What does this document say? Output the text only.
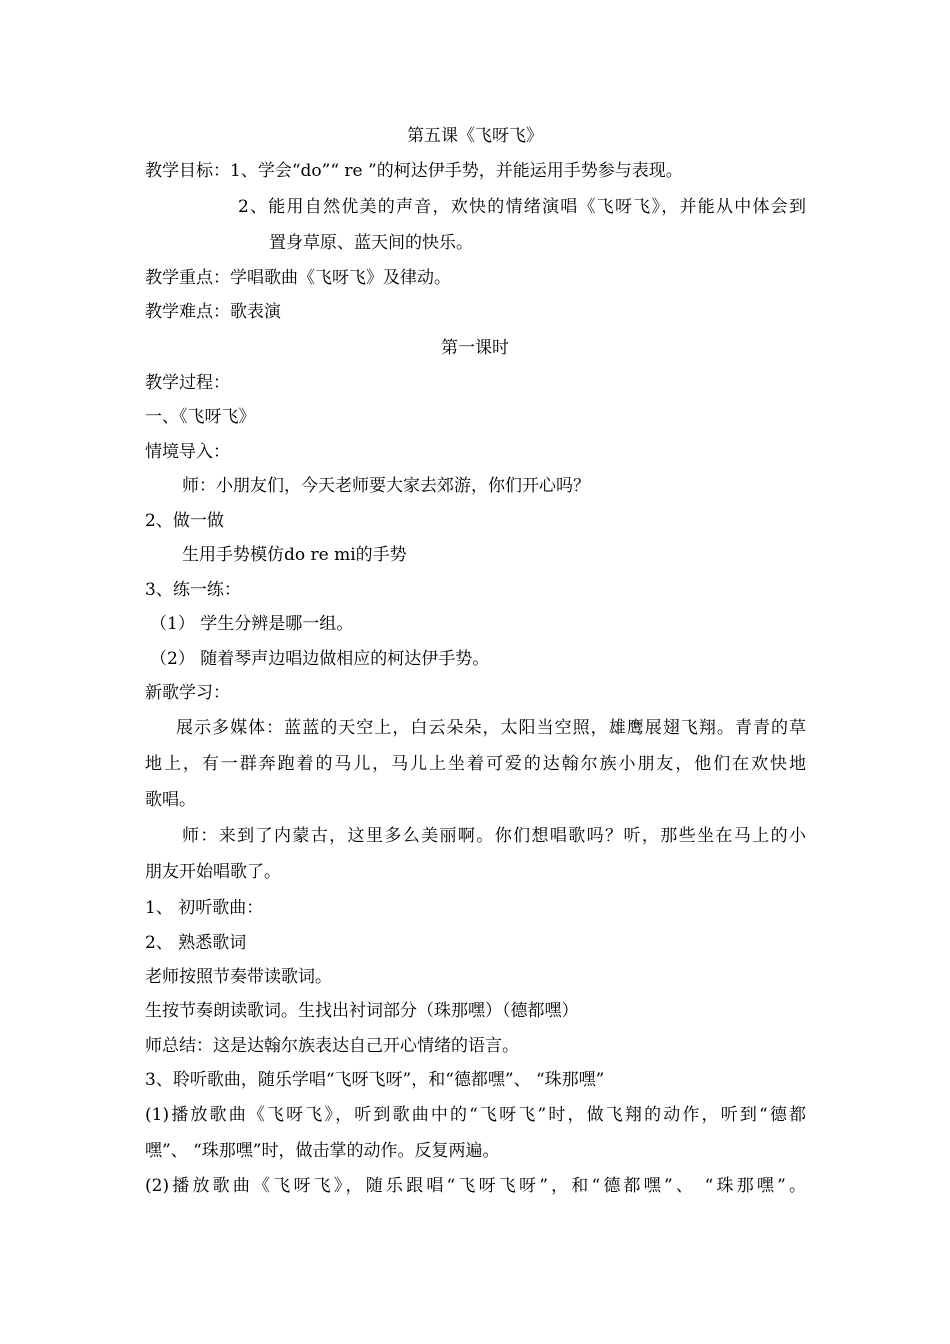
第五课《飞呀飞》

教学目标： 1、学会“do”“ re ”的柯达伊手势，并能运用手势参与表现。

2、能用自然优美的声音，欢快的情绪演唱《飞呀飞》，并能从中体会到

置身草原、蓝天间的快乐。

教学重点：学唱歌曲《飞呀飞》及律动。

教学难点：歌表演

第一课时

教学过程：

一、《飞呀飞》

情境导入：

师：小朋友们，今天老师要大家去郊游，你们开心吗？

2、做一做

生用手势模仿do re mi的手势

3、练一练：

（1） 学生分辨是哪一组。

（2） 随着琴声边唱边做相应的柯达伊手势。

新歌学习：

展示多媒体：蓝蓝的天空上，白云朵朵，太阳当空照，雄鹰展翅飞翔。青青的草

地上，有一群奔跑着的马儿，马儿上坐着可爱的达翰尔族小朋友，他们在欢快地

歌唱。

师：来到了内蒙古，这里多么美丽啊。你们想唱歌吗？听，那些坐在马上的小

朋友开始唱歌了。

1、 初听歌曲：

2、 熟悉歌词

老师按照节奏带读歌词。

生按节奏朗读歌词。生找出衬词部分（珠那嘿）（德都嘿）

师总结：这是达翰尔族表达自己开心情绪的语言。

3、聆听歌曲，随乐学唱“飞呀飞呀”，和“德都嘿”、 “珠那嘿”

(1)播放歌曲《飞呀飞》，听到歌曲中的“飞呀飞”时，做飞翔的动作，听到“德都

嘿”、 “珠那嘿”时，做击掌的动作。反复两遍。

(2)播放歌曲《飞呀飞》，随乐跟唱“飞呀飞呀”，和“德都嘿”、 “珠那嘿”。
